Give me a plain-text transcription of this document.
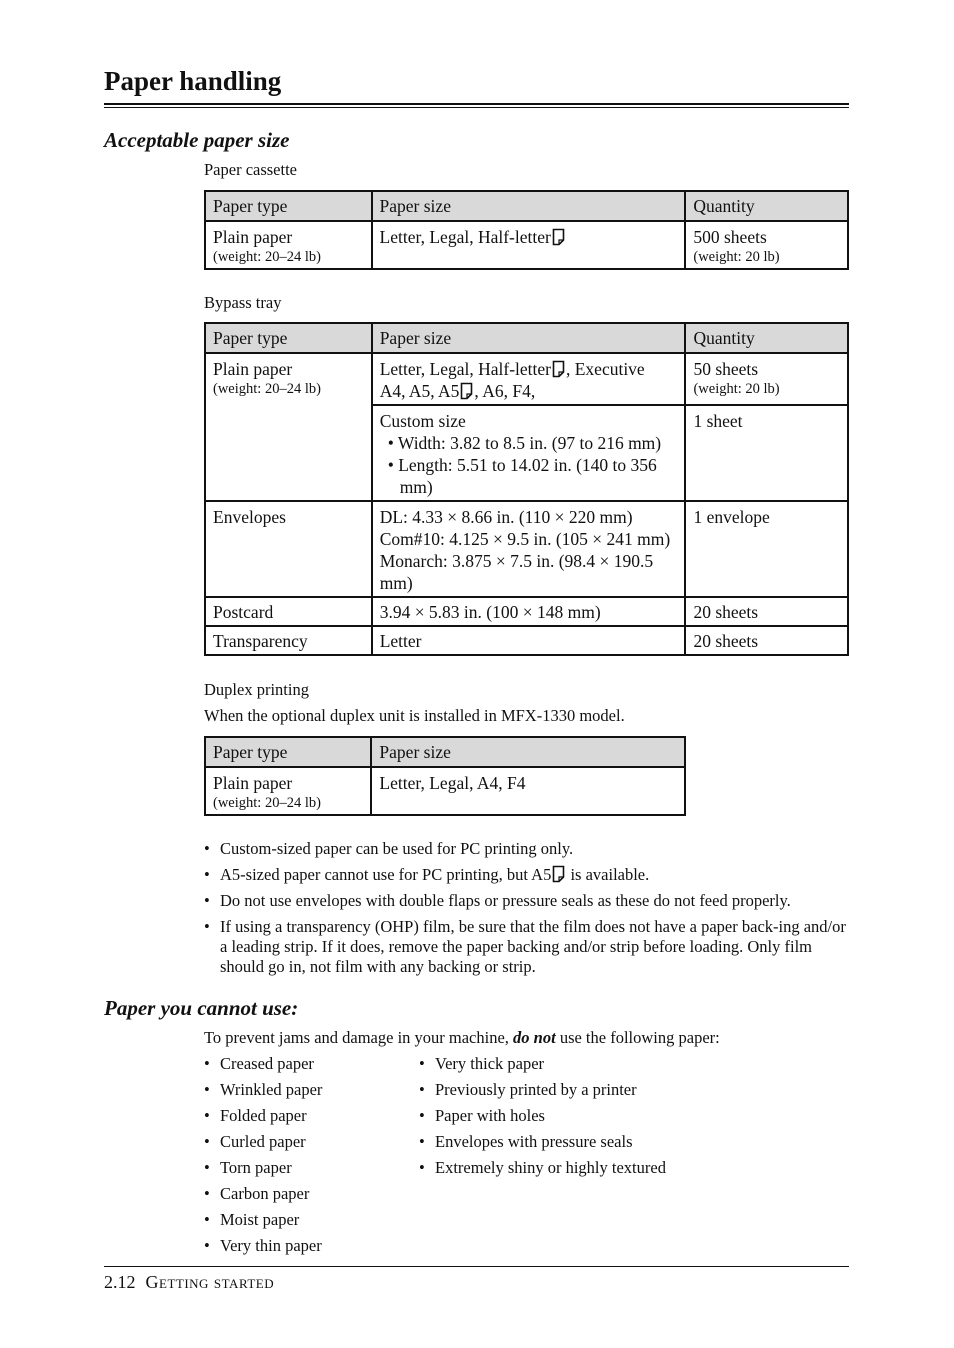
Paper handling
Acceptable paper size
Paper cassette
Paper type	Paper size	Quantity
Plain paper
(weight: 20–24 lb)	Letter, Legal, Half-letter	500 sheets
(weight: 20 lb)
Bypass tray
Paper type	Paper size	Quantity
Plain paper
(weight: 20–24 lb)	Letter, Legal, Half-letter , Executive
A4, A5, A5 , A6, F4,	50 sheets
(weight: 20 lb)

	Custom size
• Width: 3.82 to 8.5 in. (97 to 216 mm)
• Length: 5.51 to 14.02 in. (140 to 356 mm)	1 sheet
Envelopes	DL: 4.33 × 8.66 in. (110 × 220 mm)
Com#10: 4.125 × 9.5 in. (105 × 241 mm)
Monarch: 3.875 × 7.5 in. (98.4 × 190.5 mm)	1 envelope
Postcard	3.94 × 5.83 in. (100 × 148 mm)	20 sheets
Transparency	Letter	20 sheets
Duplex printing
When the optional duplex unit is installed in MFX-1330 model.
Paper type	Paper size
Plain paper
(weight: 20–24 lb)	Letter, Legal, A4, F4
• Custom-sized paper can be used for PC printing only.
• A5-sized paper cannot use for PC printing, but A5 is available.
• Do not use envelopes with double flaps or pressure seals as these do not feed properly.
• If using a transparency (OHP) film, be sure that the film does not have a paper back-ing and/or a leading strip. If it does, remove the paper backing and/or strip before loading. Only film should go in, not film with any backing or strip.
Paper you cannot use:
To prevent jams and damage in your machine, do not use the following paper:
• Creased paper
• Wrinkled paper
• Folded paper
• Curled paper
• Torn paper
• Carbon paper
• Moist paper
• Very thin paper
• Very thick paper
• Previously printed by a printer
• Paper with holes
• Envelopes with pressure seals
• Extremely shiny or highly textured
2.12 Getting started
